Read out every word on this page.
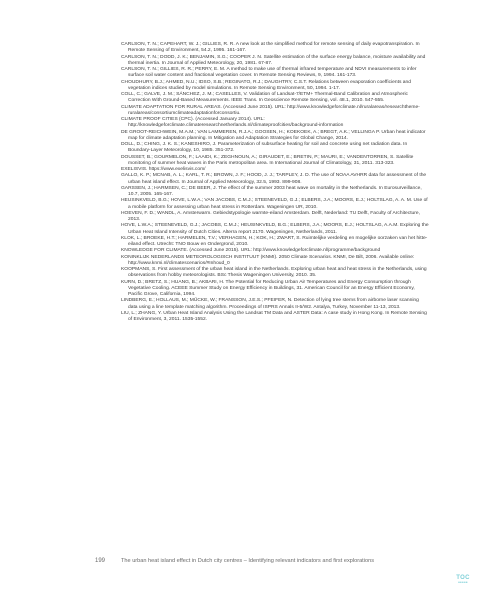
CARLSON, T. N.; CAPEHART, W. J.; GILLIES, R. R. A new look at the simplified method for remote sensing of daily evapotranspiration. In Remote Sensing of Environment, 54.2, 1995. 161-167.

CARLSON, T. N.; DODD, J. K.; BENJAMIN, S.G.; COOPER J. N. Satellite estimation of the surface energy balance, moisture availability and thermal inertia. In Journal of Applied Meteorology, 20, 1981. 67-87.

CARLSON, T. N.; GILLIES, R. R.; PERRY, E. M. A method to make use of thermal infrared temperature and NDVI measurements to infer surface soil water content and fractional vegetation cover. In Remote Sensing Reviews, 9, 1994. 161-173.

CHOUDHURY, B.J.; AHMED, N.U.; IDSO, S.B.; REGINATO, R.J.; DAUGHTRY, C.S.T. Relations between evaporation coefficients and vegetation indices studied by model simulations. In Remote Sensing Environment, 50, 1994. 1-17.

COLL, C.; GALVE, J. M.; SÁNCHEZ, J. M.; CASELLES, V. Validation of Landsat-7/ETM+ Thermal-Band Calibration and Atmospheric Correction With Ground-Based Measurements. IEEE Trans. In Geoscience Remote Sensing, vol. 48.1, 2010. 547-555.

CLIMATE ADAPTATION FOR RURAL AREAS. (Accessed June 2015). URL: http://www.knowledgeforclimate.nl/ruralareas/researchtheme-ruralareas/consortiumclimateadaptationforconsortiu.

CLIMATE PROOF CITIES (CPC). (Accessed January 2014). URL: http://knowledgeforclimate.climateresearchnetherlands.nl/climateproofcities/background-information

DE GROOT-REICHWEIN, M.A.M.; VAN LAMMEREN, R.J.A.; GOOSEN, H.; KOEKOEK, A.; BREGT, A.K.; VELLINGA P. Urban heat indicator map for climate adaptation planning. In Mitigation and Adaptation Strategies for Global Change, 2014.

DOLL, D.; CHING, J. K. S.; KANESHIRO, J. Parameterization of subsurface heating for soil and concrete using net radiation data. In Boundary-Layer Meteorology, 10, 1985. 351-372.

DOUSSET, B.; GOURMELON, F.; LAAIDI, K.; ZEGHNOUN, A.; GIRAUDET, E.; BRETIN, P.; MAURI, E.; VANDENTORREN, S. Satellite monitoring of summer heat waves in the Paris metropolitan area. In International Journal of Climatology, 31, 2011. 313-323.

EXELISVIS. https://www.exelisvis.com/

GALLO, K. P.; MCNAB, A. L.; KARL, T. R.; BROWN, J. F.; HOOD, J. J.; TARPLEY, J. D. The use of NOAA AVHRR data for assessment of the urban heat island effect. In Journal of Applied Meteorology, 32.5, 1993. 899-908.

GARSSEN, J.; HARMSEN, C.; DE BEER, J. The effect of the summer 2003 heat wave on mortality in the Netherlands. In Eurosurveillance, 10.7, 2005. 165-167.

HEUSINKVELD, B.G.; HOVE, L.W.A.; VAN JACOBS, C.M.J.; STEENEVELD, G.J.; ELBERS, J.A.; MOORS, E.J.; HOLTSLAG, A. A. M. Use of a mobile platform for assessing urban heat stress in Rotterdam. Wageningen UR, 2010.

HOEVEN, F. D.; WANDL, A. Amsterwarm. Gebiedstypologie warmte-eiland Amsterdam. Delft, Nederland: TU Delft, Faculty of Architecture, 2013.

HOVE, L.W.A.; STEENEVELD, G.J.; JACOBS, C.M.J.; HEUSINKVELD, B.G.; ELBERS, J.A.; MOORS, E.J.; HOLTSLAG, A.A.M. Exploring the Urban Heat Island Intensity of Dutch Cities. Alterra report 2170. Wageningen, Netherlands, 2011.

KLOK, L.; BROEKE, H.T.; HARMELEN, T.V.; VERHAGEN, H.; KOK, H.; ZWART, S. Ruimtelijke verdeling en mogelijke oorzaken van het hitte-eiland effect. Utrecht: TNO Bouw en Ondergrond, 2010.

KNOWLEDGE FOR CLIMATE. (Accessed June 2015). URL: http://www.knowledgeforclimate.nl/programme/background

KONINKLIJK NEDERLANDS METEOROLOGISCH INSTITUUT (KNMI). 2050 Climate Scenarios. KNMI, De Bilt, 2006. Available online: http://www.knmi.nl/climatescenarios/#Inhoud_0

KOOPMANS, S. First assessment of the urban heat island in the Netherlands. Exploring urban heat and heat stress in the Netherlands, using observations from hobby meteorologists. BSc Thesis Wageningen University, 2010. 35.

KURN, D.; BRETZ, S.; HUANG, B.; AKBARI, H. The Potential for Reducing Urban Air Temperatures and Energy Consumption through Vegetative Cooling. ACEEE Summer Study on Energy Efficiency in Buildings, 31. American Council for an Energy Efficient Economy, Pacific Grove, California, 1994.

LINDBERG, E.; HOLLAUS, M.; MÜCKE, W.; FRANSSON, J.E.S.; PFEIFER, N. Detection of lying tree stems from airborne laser scanning data using a line template matching algorithm. Proceedings of ISPRS Annals II-5/W2. Antalya, Turkey, November 11-13, 2013.

LIU, L.; ZHANG, Y. Urban Heat Island Analysis Using the Landsat TM Data and ASTER Data: A case study in Hong Kong. In Remote Sensing of Environment, 3, 2011. 1535-1552.

199	The urban heat island effect in Dutch city centres – Identifying relevant indicators and first explorations
TOC
•••••
